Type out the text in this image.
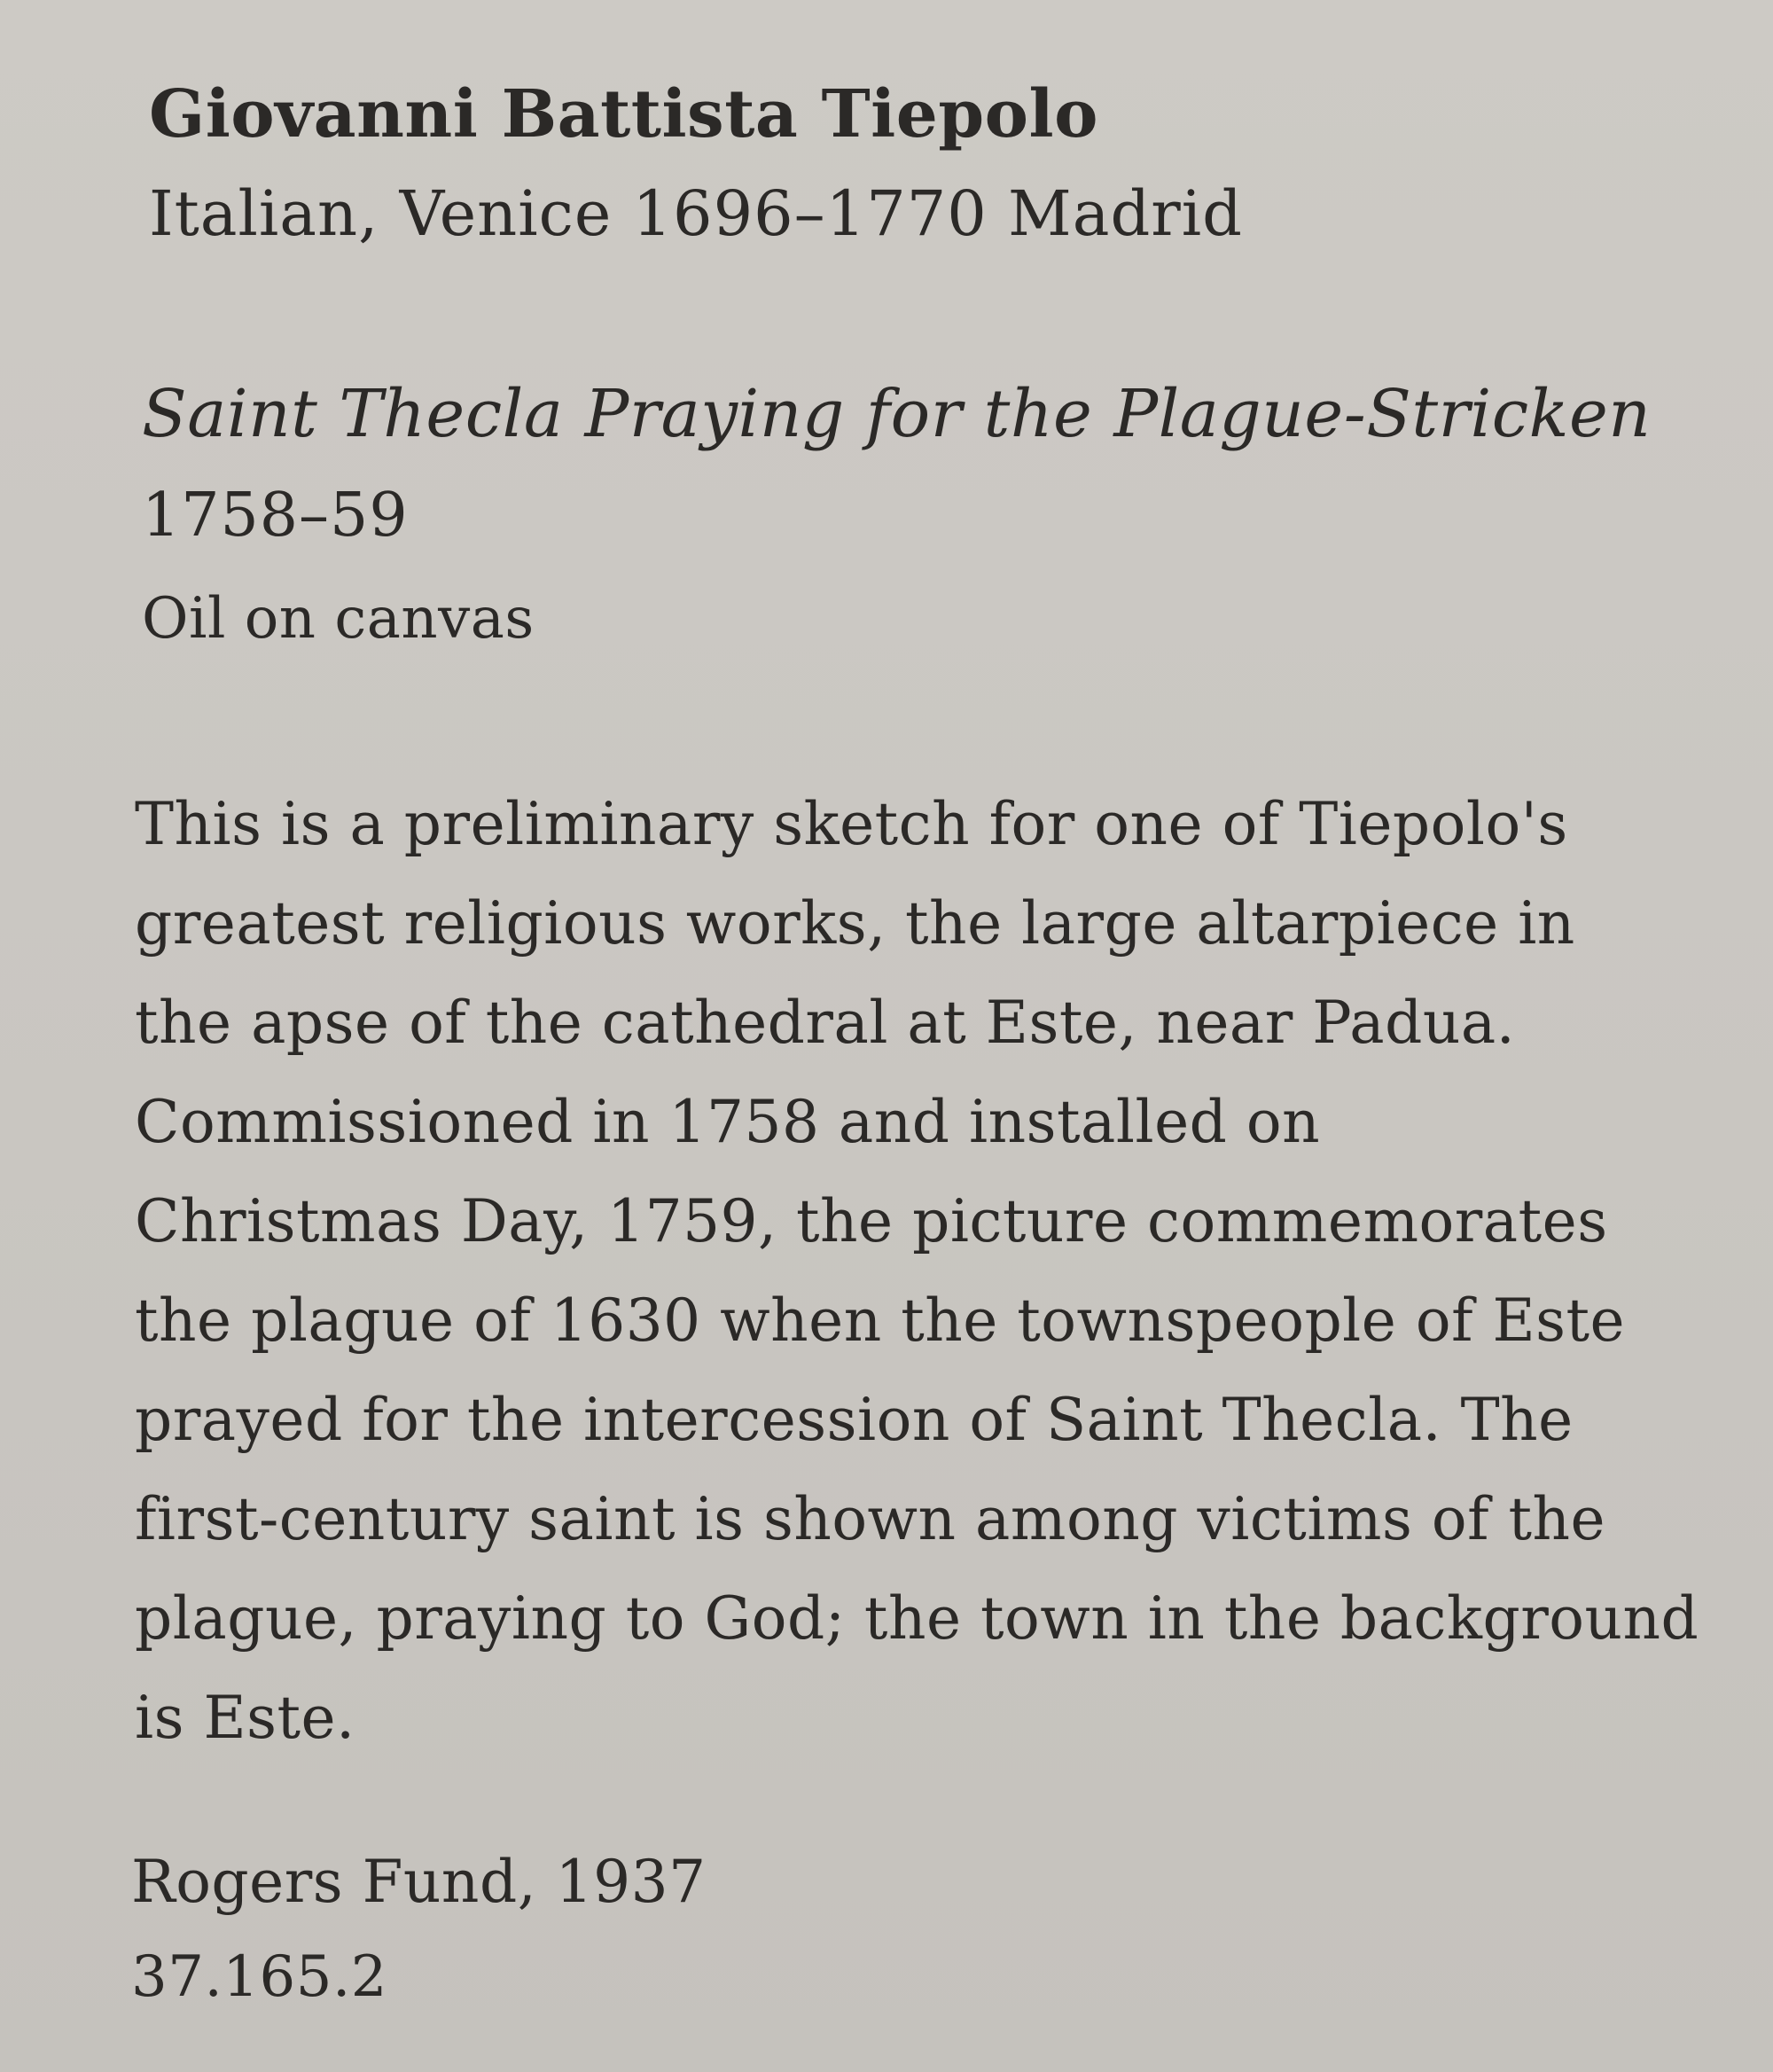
Giovanni Battista Tiepolo

Italian, Venice 1696–1770 Madrid

Saint Thecla Praying for the Plague-Stricken

1758–59

Oil on canvas

This is a preliminary sketch for one of Tiepolo's
greatest religious works, the large altarpiece in
the apse of the cathedral at Este, near Padua.
Commissioned in 1758 and installed on
Christmas Day, 1759, the picture commemorates
the plague of 1630 when the townspeople of Este
prayed for the intercession of Saint Thecla. The
first-century saint is shown among victims of the
plague, praying to God; the town in the background
is Este.

Rogers Fund, 1937

37.165.2
